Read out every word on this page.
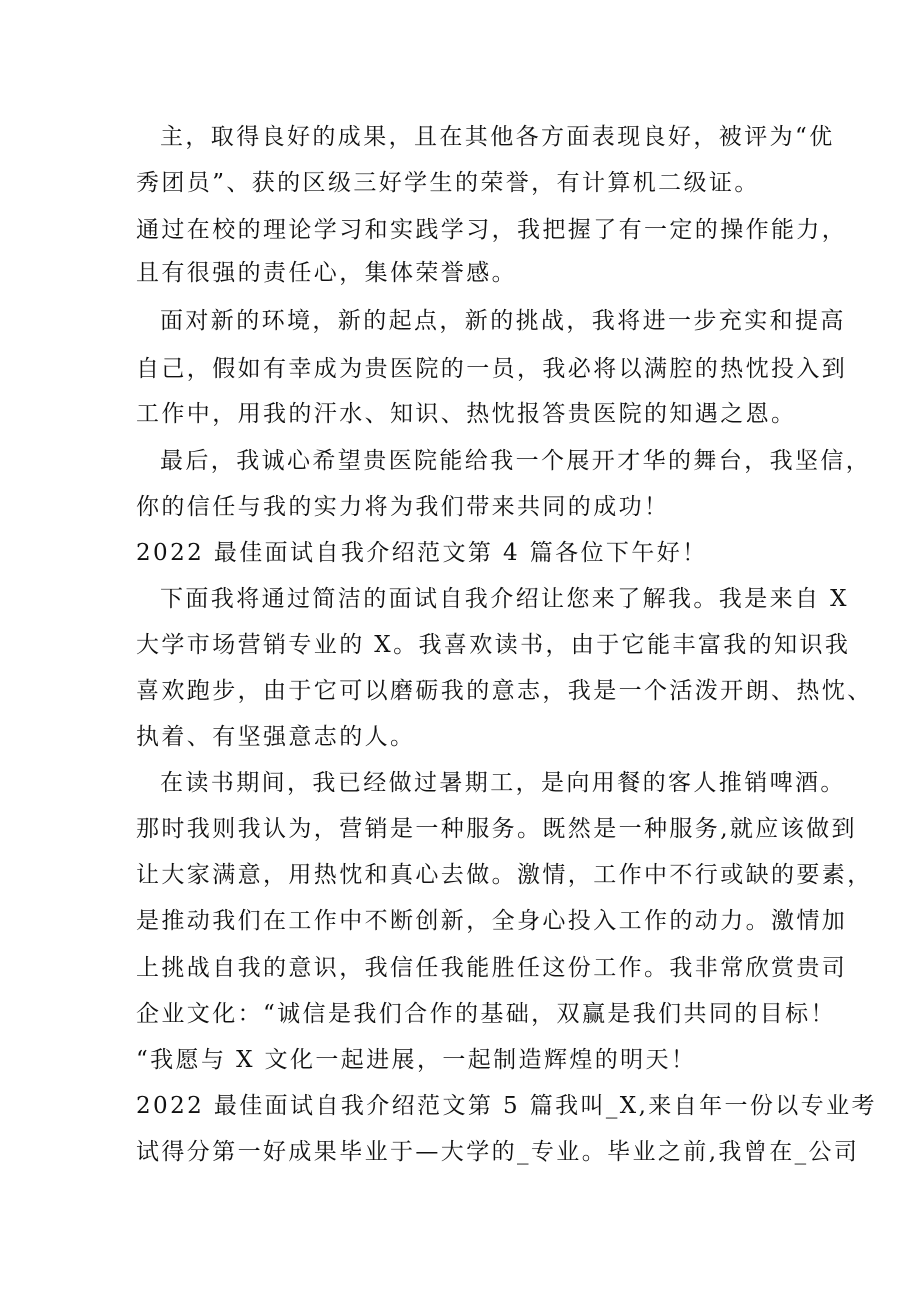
主，取得良好的成果，且在其他各方面表现良好，被评为“优
秀团员”、获的区级三好学生的荣誉，有计算机二级证。
通过在校的理论学习和实践学习，我把握了有一定的操作能力，
且有很强的责任心，集体荣誉感。
面对新的环境，新的起点，新的挑战，我将进一步充实和提高
自己，假如有幸成为贵医院的一员，我必将以满腔的热忱投入到
工作中，用我的汗水、知识、热忱报答贵医院的知遇之恩。
最后，我诚心希望贵医院能给我一个展开才华的舞台，我坚信，
你的信任与我的实力将为我们带来共同的成功！
2022 最佳面试自我介绍范文第 4 篇各位下午好！
下面我将通过简洁的面试自我介绍让您来了解我。我是来自 X
大学市场营销专业的 X。我喜欢读书，由于它能丰富我的知识我
喜欢跑步，由于它可以磨砺我的意志，我是一个活泼开朗、热忱、
执着、有坚强意志的人。
在读书期间，我已经做过暑期工，是向用餐的客人推销啤酒。
那时我则我认为，营销是一种服务。既然是一种服务,就应该做到
让大家满意，用热忱和真心去做。激情，工作中不行或缺的要素，
是推动我们在工作中不断创新，全身心投入工作的动力。激情加
上挑战自我的意识，我信任我能胜任这份工作。我非常欣赏贵司
企业文化：“诚信是我们合作的基础，双赢是我们共同的目标！
“我愿与 X 文化一起进展，一起制造辉煌的明天！
2022 最佳面试自我介绍范文第 5 篇我叫_X,来自年一份以专业考
试得分第一好成果毕业于—大学的_专业。毕业之前,我曾在_公司
